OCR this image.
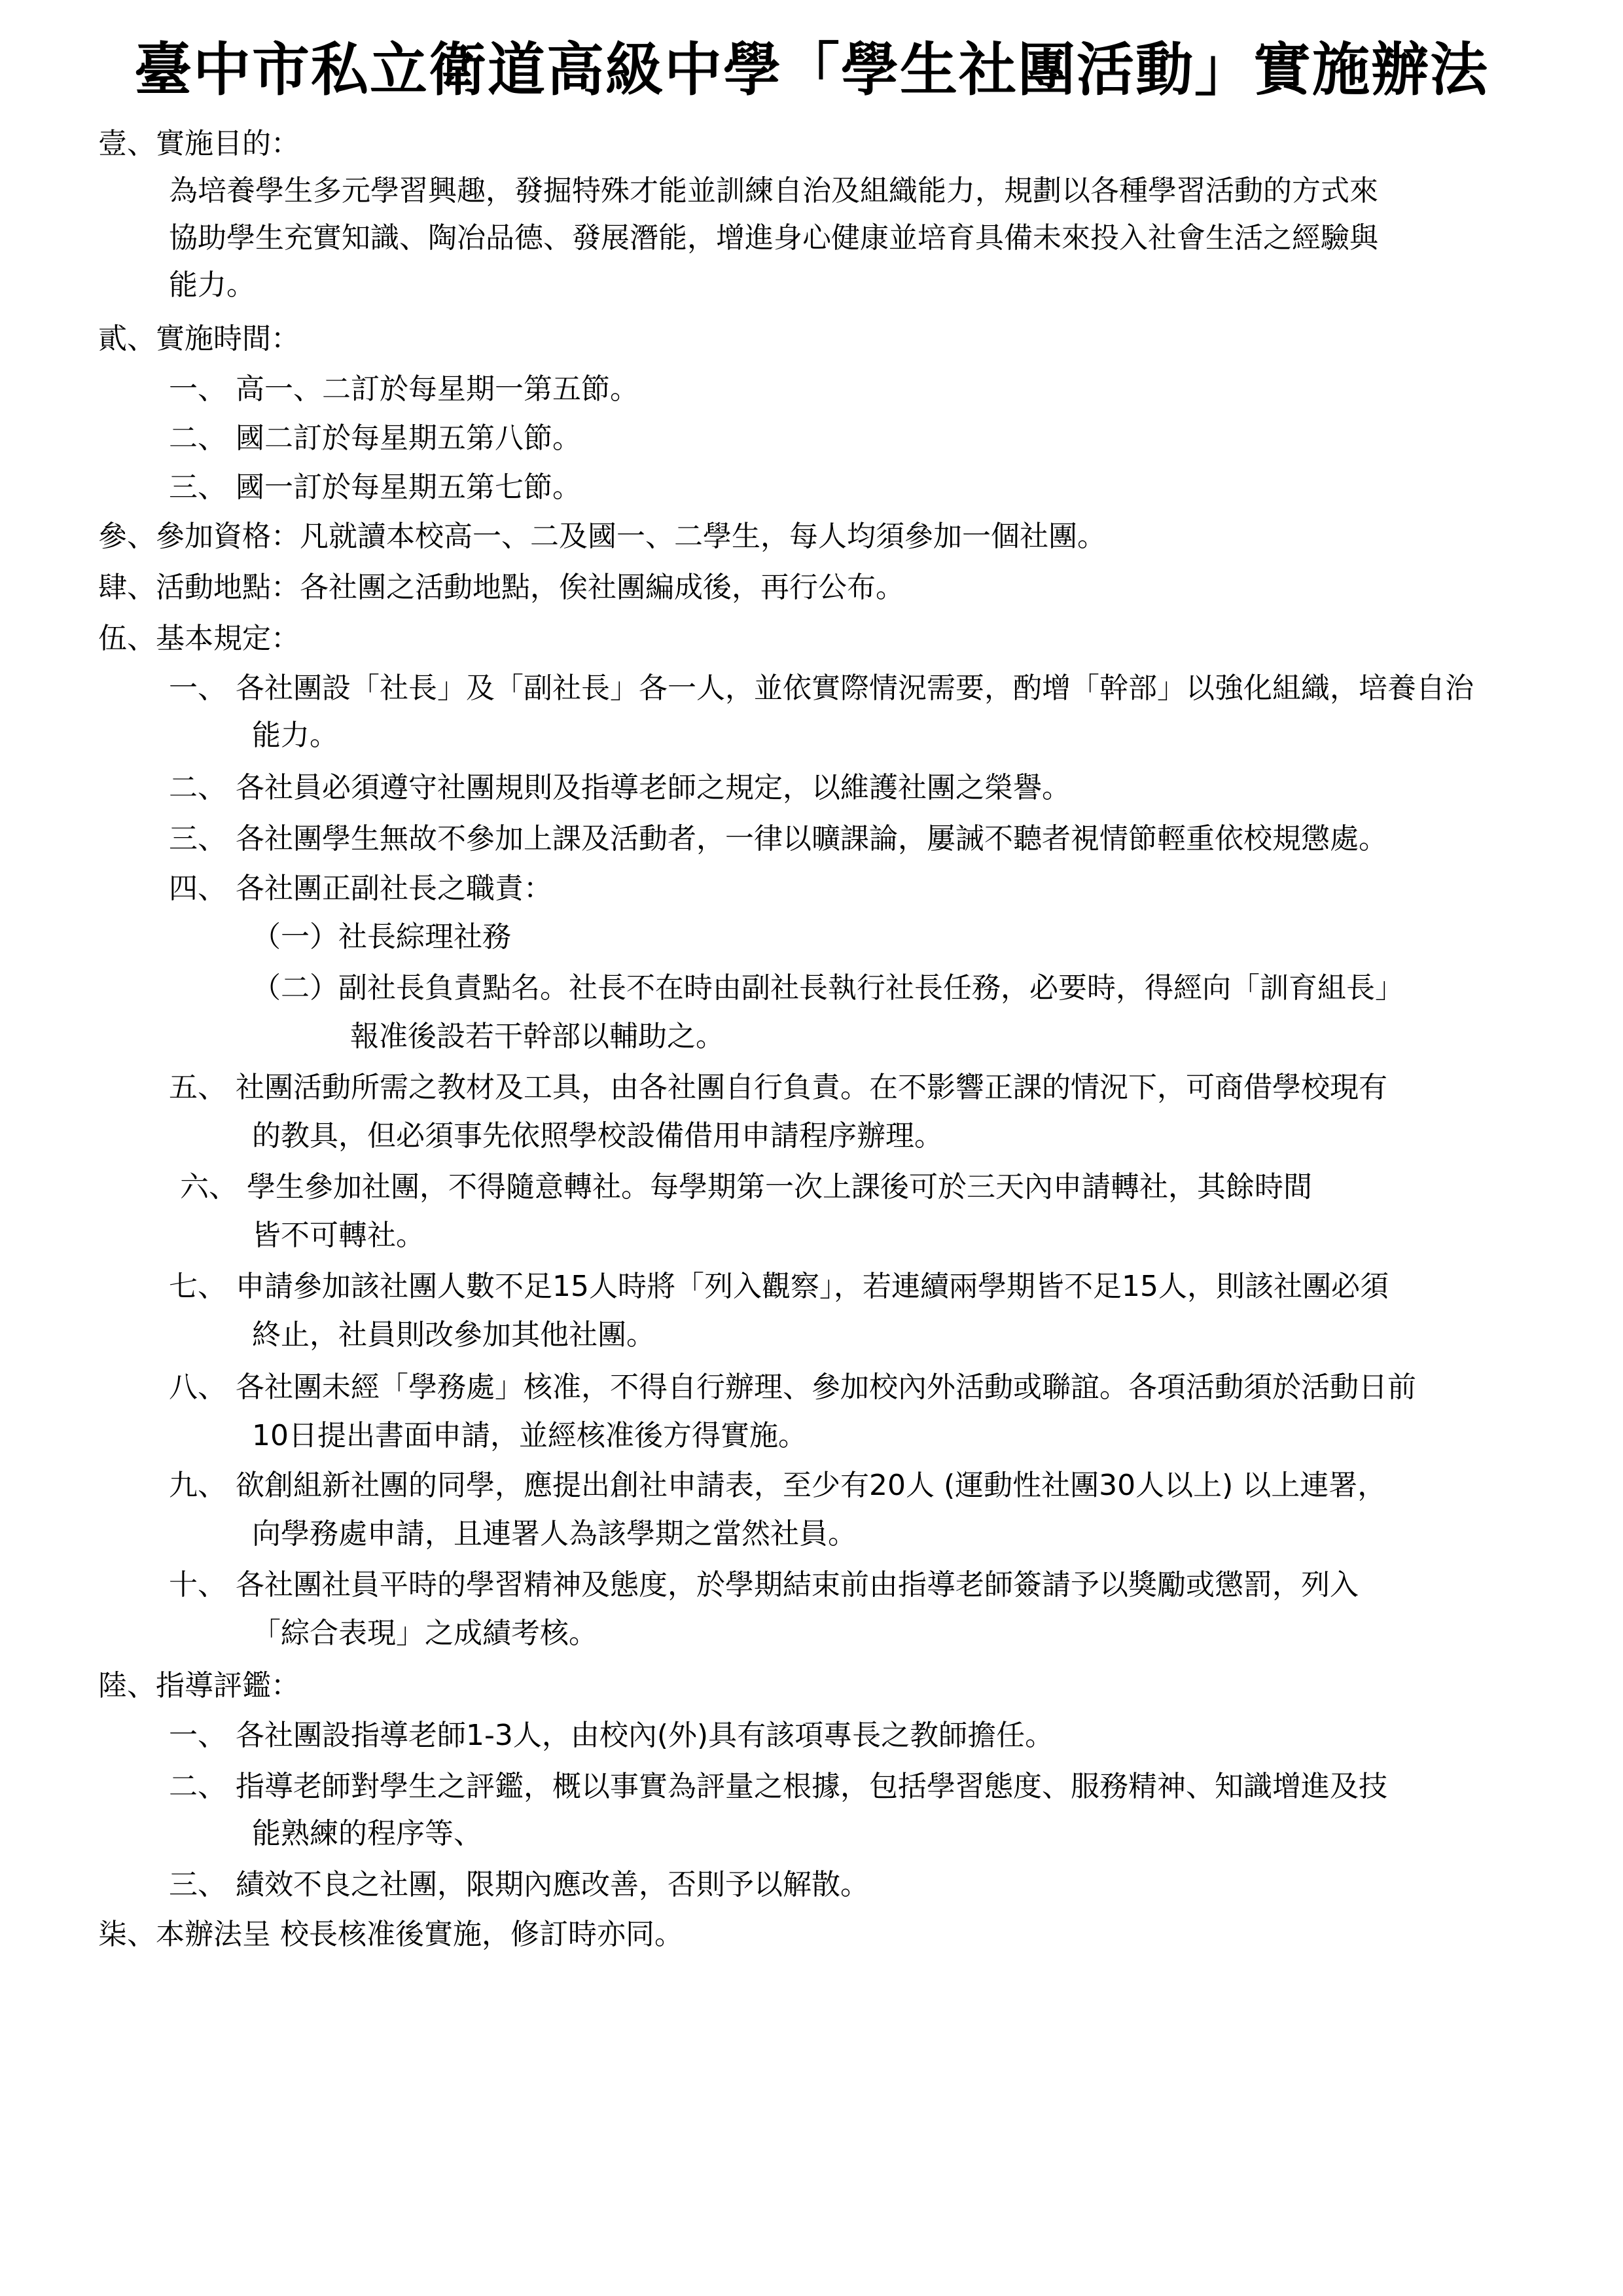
臺中市私立衛道高級中學「學生社團活動」實施辦法
壹、實施目的：
為培養學生多元學習興趣，發掘特殊才能並訓練自治及組織能力，規劃以各種學習活動的方式來
協助學生充實知識、陶冶品德、發展潛能，增進身心健康並培育具備未來投入社會生活之經驗與
能力。
貳、實施時間：
一、 高一、二訂於每星期一第五節。
二、 國二訂於每星期五第八節。
三、 國一訂於每星期五第七節。
參、參加資格：凡就讀本校高一、二及國一、二學生，每人均須參加一個社團。
肆、活動地點：各社團之活動地點，俟社團編成後，再行公布。
伍、基本規定：
一、 各社團設「社長」及「副社長」各一人，並依實際情況需要，酌增「幹部」以強化組織，培養自治
能力。
二、 各社員必須遵守社團規則及指導老師之規定，以維護社團之榮譽。
三、 各社團學生無故不參加上課及活動者，一律以曠課論，屢誡不聽者視情節輕重依校規懲處。
四、 各社團正副社長之職責：
（一）社長綜理社務
（二）副社長負責點名。社長不在時由副社長執行社長任務，必要時，得經向「訓育組長」
報准後設若干幹部以輔助之。
五、 社團活動所需之教材及工具，由各社團自行負責。在不影響正課的情況下，可商借學校現有
的教具，但必須事先依照學校設備借用申請程序辦理。
六、 學生參加社團，不得隨意轉社。每學期第一次上課後可於三天內申請轉社，其餘時間
皆不可轉社。
七、 申請參加該社團人數不足15人時將「列入觀察」，若連續兩學期皆不足15人，則該社團必須
終止，社員則改參加其他社團。
八、 各社團未經「學務處」核准，不得自行辦理、參加校內外活動或聯誼。各項活動須於活動日前
10日提出書面申請，並經核准後方得實施。
九、 欲創組新社團的同學，應提出創社申請表，至少有20人 (運動性社團30人以上) 以上連署，
向學務處申請，且連署人為該學期之當然社員。
十、 各社團社員平時的學習精神及態度，於學期結束前由指導老師簽請予以獎勵或懲罰，列入
「綜合表現」之成績考核。
陸、指導評鑑：
一、 各社團設指導老師1-3人，由校內(外)具有該項專長之教師擔任。
二、 指導老師對學生之評鑑，概以事實為評量之根據，包括學習態度、服務精神、知識增進及技
能熟練的程序等、
三、 績效不良之社團，限期內應改善，否則予以解散。
柒、本辦法呈 校長核准後實施，修訂時亦同。
